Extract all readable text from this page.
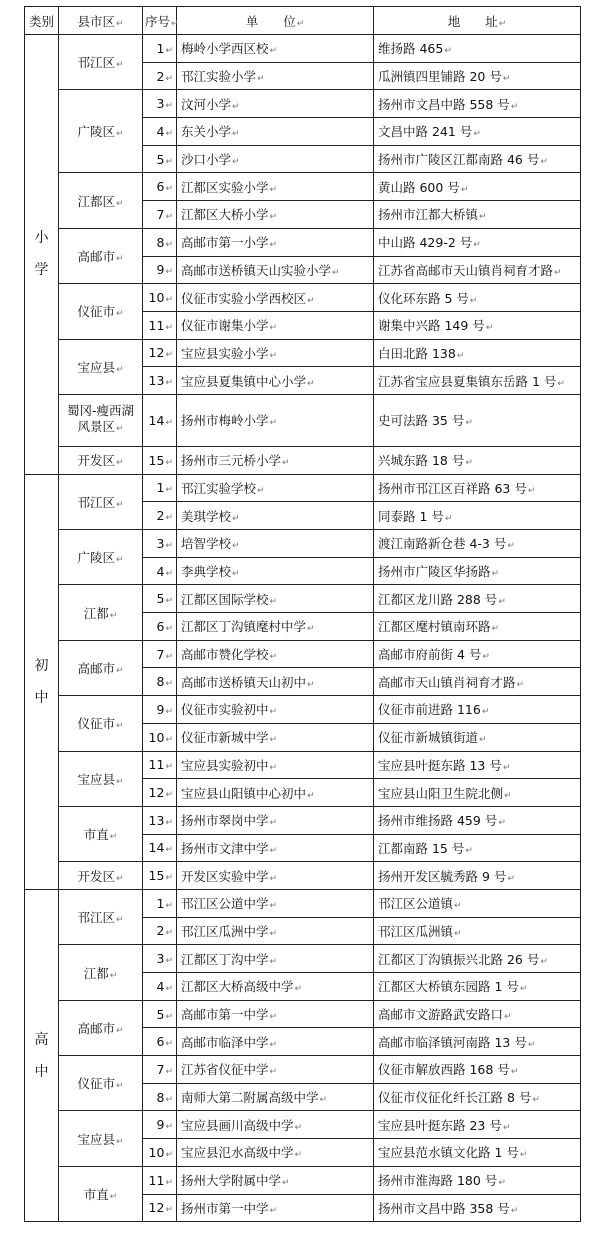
类别	县市区↵	序号↵	单　　位↵	地　　址↵
小
学	邗江区↵	1↵	梅岭小学西区校↵	维扬路 465↵
		2↵	邗江实验小学↵	瓜洲镇四里铺路 20 号↵
	广陵区↵	3↵	汶河小学↵	扬州市文昌中路 558 号↵
		4↵	东关小学↵	文昌中路 241 号↵
		5↵	沙口小学↵	扬州市广陵区江都南路 46 号↵
	江都区↵	6↵	江都区实验小学↵	黄山路 600 号↵
		7↵	江都区大桥小学↵	扬州市江都大桥镇↵
	高邮市↵	8↵	高邮市第一小学↵	中山路 429-2 号↵
		9↵	高邮市送桥镇天山实验小学↵	江苏省高邮市天山镇肖祠育才路↵
	仪征市↵	10↵	仪征市实验小学西校区↵	仪化环东路 5 号↵
		11↵	仪征市谢集小学↵	谢集中兴路 149 号↵
	宝应县↵	12↵	宝应县实验小学↵	白田北路 138↵
		13↵	宝应县夏集镇中心小学↵	江苏省宝应县夏集镇东岳路 1 号↵
	蜀冈-瘦西湖风景区↵	14↵	扬州市梅岭小学↵	史可法路 35 号↵
	开发区↵	15↵	扬州市三元桥小学↵	兴城东路 18 号↵
初
中	邗江区↵	1↵	邗江实验学校↵	扬州市邗江区百祥路 63 号↵
		2↵	美琪学校↵	同泰路 1 号↵
	广陵区↵	3↵	培智学校↵	渡江南路新仓巷 4-3 号↵
		4↵	李典学校↵	扬州市广陵区华扬路↵
	江都↵	5↵	江都区国际学校↵	江都区龙川路 288 号↵
		6↵	江都区丁沟镇麾村中学↵	江都区麾村镇南环路↵
	高邮市↵	7↵	高邮市赞化学校↵	高邮市府前街 4 号↵
		8↵	高邮市送桥镇天山初中↵	高邮市天山镇肖祠育才路↵
	仪征市↵	9↵	仪征市实验初中↵	仪征市前进路 116↵
		10↵	仪征市新城中学↵	仪征市新城镇街道↵
	宝应县↵	11↵	宝应县实验初中↵	宝应县叶挺东路 13 号↵
		12↵	宝应县山阳镇中心初中↵	宝应县山阳卫生院北侧↵
	市直↵	13↵	扬州市翠岗中学↵	扬州市维扬路 459 号↵
		14↵	扬州市文津中学↵	江都南路 15 号↵
	开发区↵	15↵	开发区实验中学↵	扬州开发区毓秀路 9 号↵
高
中	邗江区↵	1↵	邗江区公道中学↵	邗江区公道镇↵
		2↵	邗江区瓜洲中学↵	邗江区瓜洲镇↵
	江都↵	3↵	江都区丁沟中学↵	江都区丁沟镇振兴北路 26 号↵
		4↵	江都区大桥高级中学↵	江都区大桥镇东园路 1 号↵
	高邮市↵	5↵	高邮市第一中学↵	高邮市文游路武安路口↵
		6↵	高邮市临泽中学↵	高邮市临泽镇河南路 13 号↵
	仪征市↵	7↵	江苏省仪征中学↵	仪征市解放西路 168 号↵
		8↵	南师大第二附属高级中学↵	仪征市仪征化纤长江路 8 号↵
	宝应县↵	9↵	宝应县画川高级中学↵	宝应县叶挺东路 23 号↵
		10↵	宝应县氾水高级中学↵	宝应县范水镇文化路 1 号↵
	市直↵	11↵	扬州大学附属中学↵	扬州市淮海路 180 号↵
		12↵	扬州市第一中学↵	扬州市文昌中路 358 号↵
